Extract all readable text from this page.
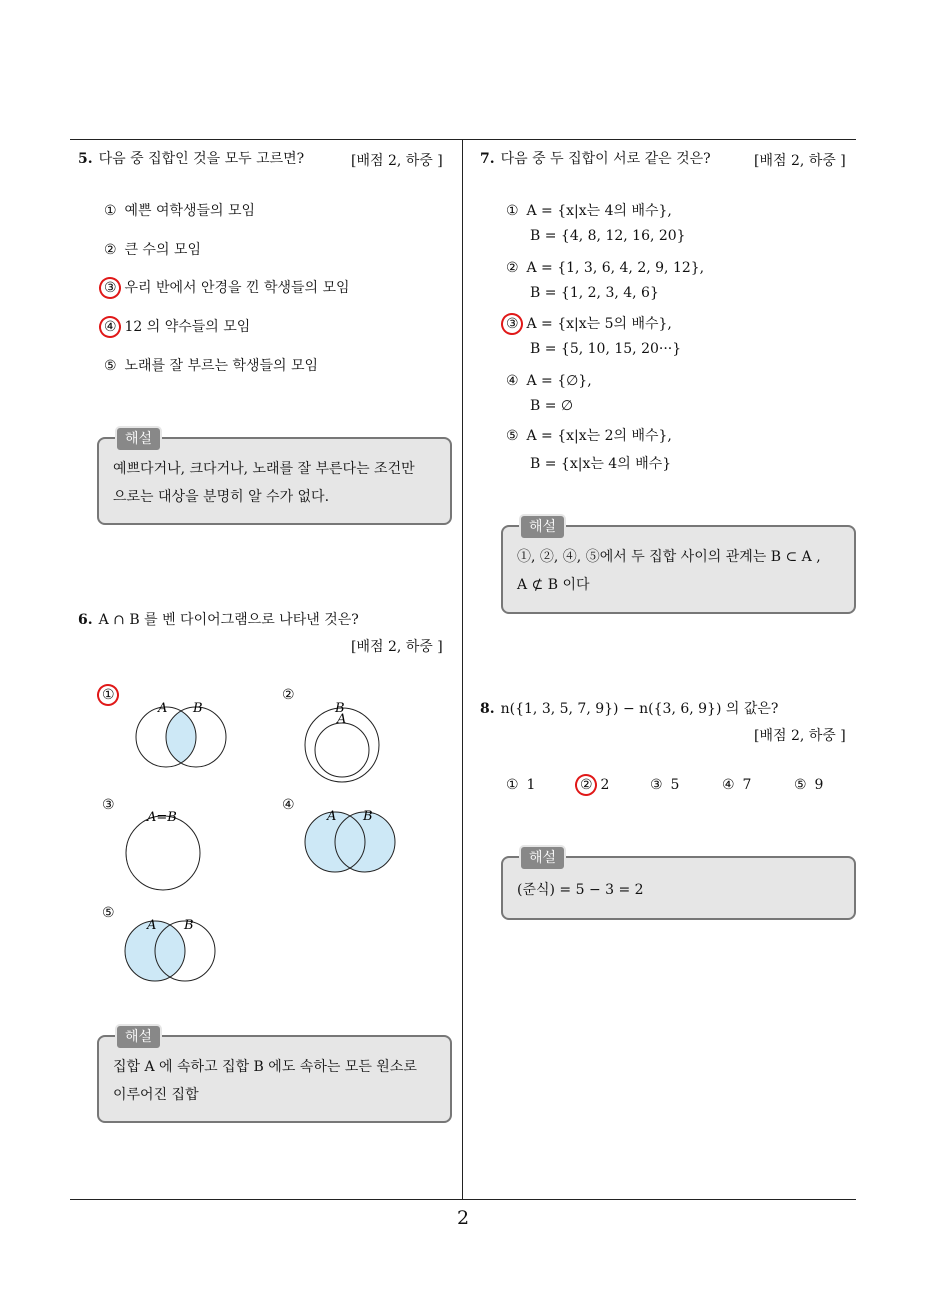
2
5. 다음 중 집합인 것을 모두 고르면?	[배점 2, 하중 ]
① 예쁜 여학생들의 모임
② 큰 수의 모임
③ 우리 반에서 안경을 낀 학생들의 모임
④ 12 의 약수들의 모임
⑤ 노래를 잘 부르는 학생들의 모임
해설
예쁘다거나, 크다거나, 노래를 잘 부른다는 조건만
으로는 대상을 분명히 알 수가 없다.
6. A ∩ B 를 벤 다이어그램으로 나타낸 것은?
[배점 2, 하중 ]
A B	B
A
A=B	A B
A B
①	②
③	④
⑤
해설
집합 A 에 속하고 집합 B 에도 속하는 모든 원소로
이루어진 집합
7. 다음 중 두 집합이 서로 같은 것은?	[배점 2, 하중 ]
① A = {x|x는 4의 배수},
B = {4, 8, 12, 16, 20}
② A = {1, 3, 6, 4, 2, 9, 12},
B = {1, 2, 3, 4, 6}
③ A = {x|x는 5의 배수},
B = {5, 10, 15, 20···}
④ A = {∅},
B = ∅
⑤ A = {x|x는 2의 배수},
B = {x|x는 4의 배수}
해설
①, ②, ④, ⑤에서 두 집합 사이의 관계는 B ⊂ A ,
A ⊄ B 이다
8. n({1, 3, 5, 7, 9}) − n({3, 6, 9}) 의 값은?
[배점 2, 하중 ]
① 1	② 2	③ 5	④ 7	⑤ 9
해설
(준식) = 5 − 3 = 2
